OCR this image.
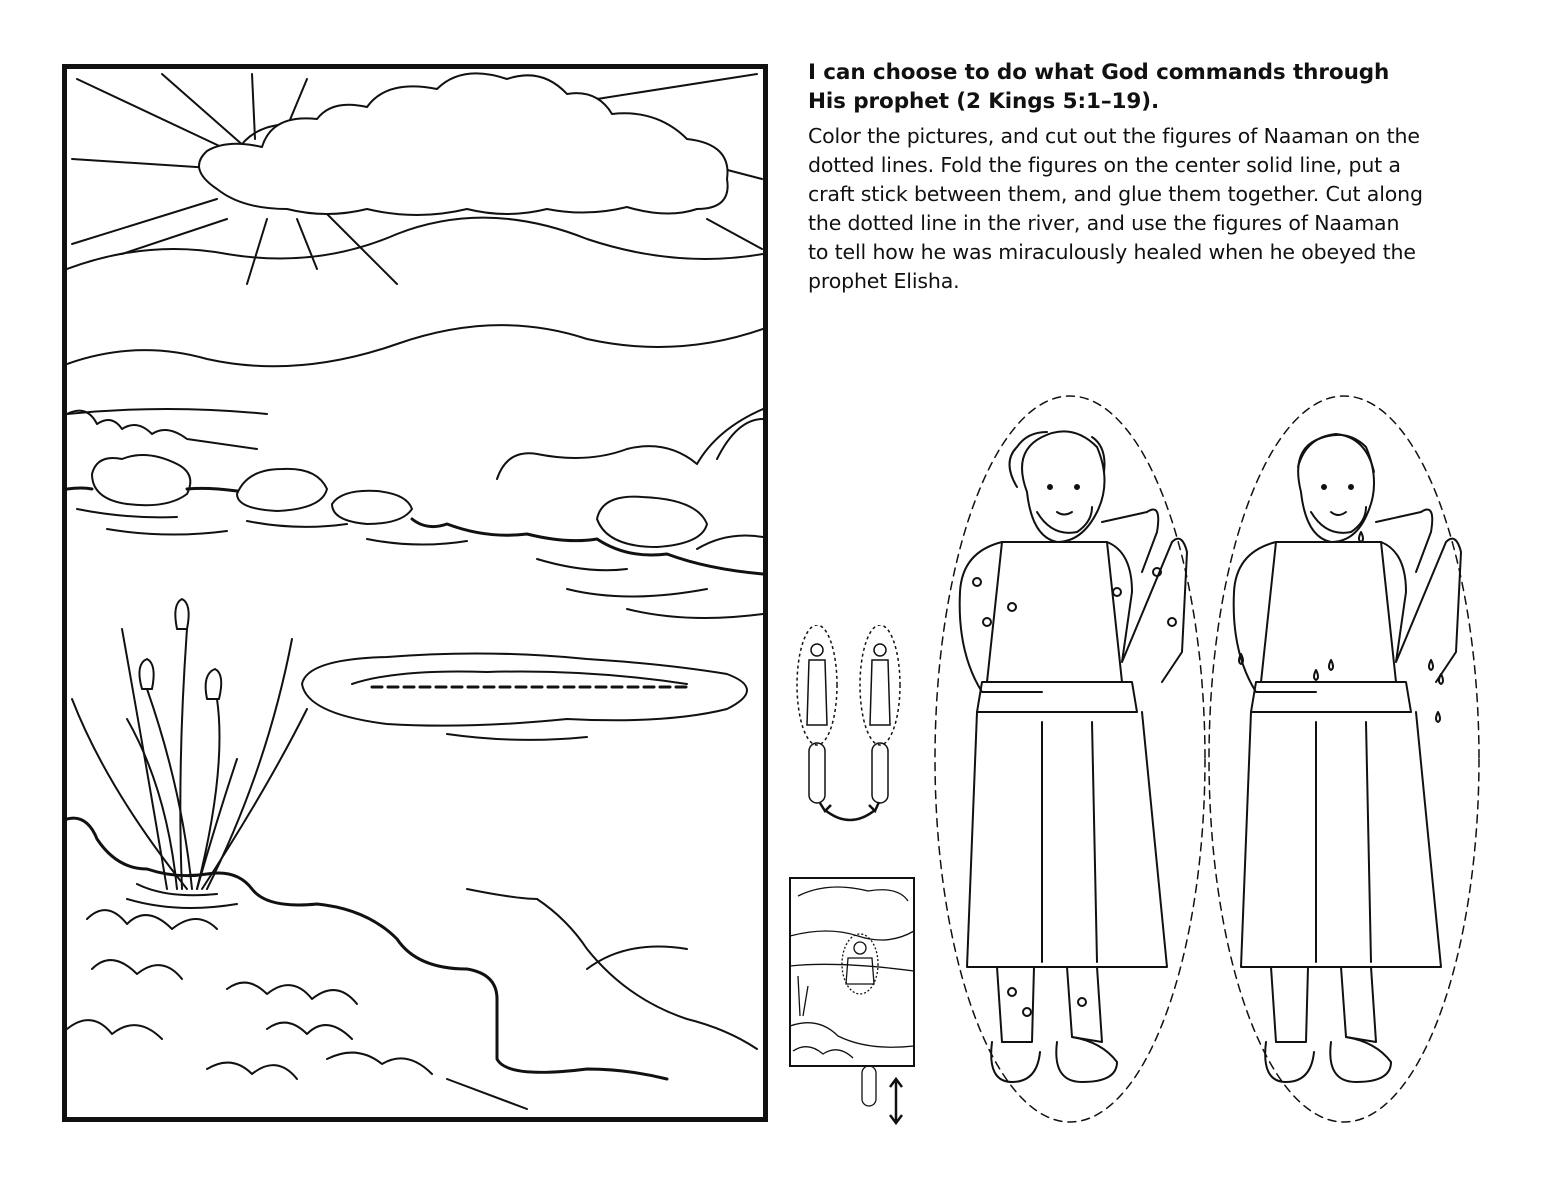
I can choose to do what God commands through
His prophet (2 Kings 5:1–19).

Color the pictures, and cut out the figures of Naaman on the
dotted lines. Fold the figures on the center solid line, put a
craft stick between them, and glue them together. Cut along
the dotted line in the river, and use the figures of Naaman
to tell how he was miraculously healed when he obeyed the
prophet Elisha.
